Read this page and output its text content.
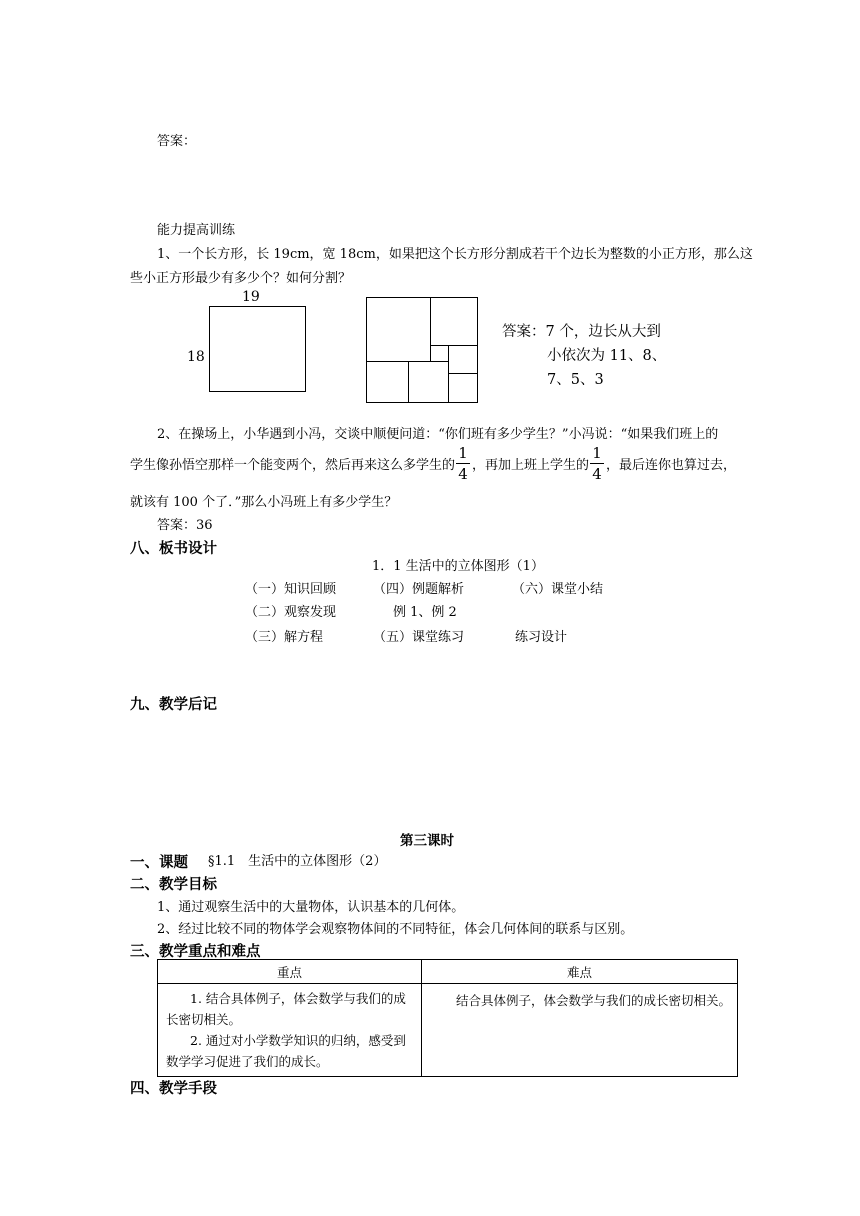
答案：
能力提高训练
1、一个长方形，长 19cm，宽 18cm，如果把这个长方形分割成若干个边长为整数的小正方形，那么这
些小正方形最少有多少个？如何分割？
19
18
答案：7 个，边长从大到
小依次为 11、8、
7、5、3
2、在操场上，小华遇到小冯，交谈中顺便问道：“你们班有多少学生？”小冯说：“如果我们班上的
学生像孙悟空那样一个能变两个，然后再来这么多学生的
1
4 ，再加上班上学生的
1
4 ，最后连你也算过去，
就该有 100 个了．”那么小冯班上有多少学生？
答案：36
八、板书设计
1．1 生活中的立体图形（1）
（一）知识回顾	（四）例题解析	（六）课堂小结
（二）观察发现	例 1、例 2
（三）解方程	（五）课堂练习	练习设计
九、教学后记
第三课时
一、课题 §1.1　生活中的立体图形（2）
二、教学目标
1、通过观察生活中的大量物体，认识基本的几何体。
2、经过比较不同的物体学会观察物体间的不同特征，体会几何体间的联系与区别。
三、教学重点和难点
重点	难点

1. 结合具体例子，体会数学与我们的成
长密切相关。
2. 通过对小学数学知识的归纳，感受到
数学学习促进了我们的成长。	结合具体例子，体会数学与我们的成长密切相关。
四、教学手段
